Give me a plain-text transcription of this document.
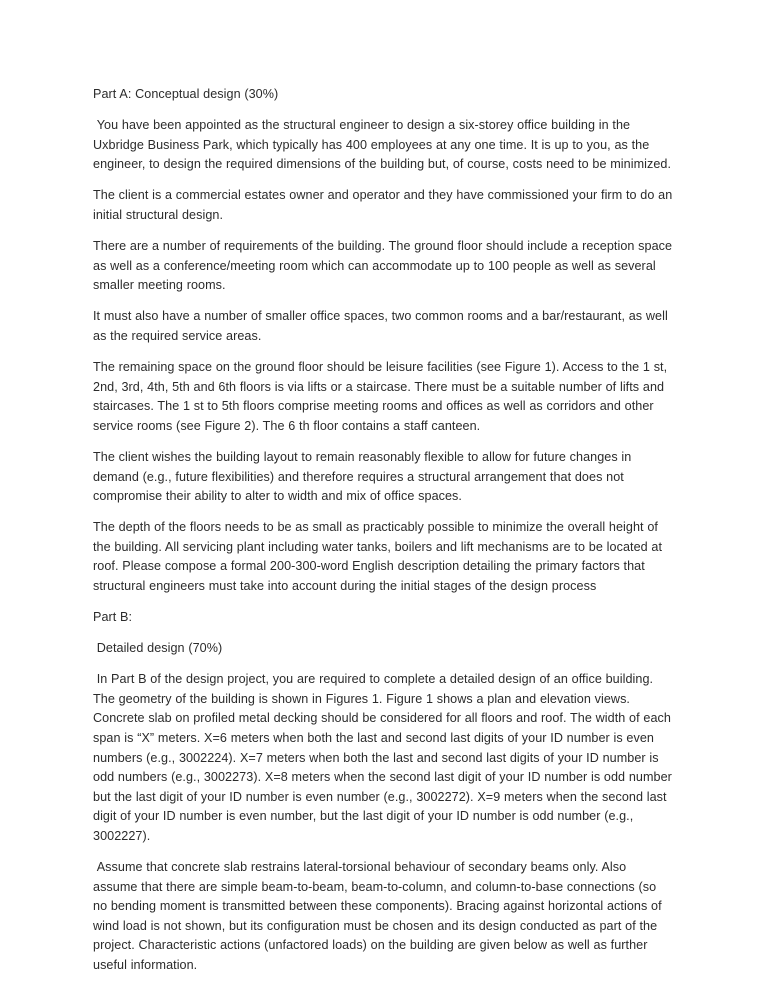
Part A: Conceptual design (30%)

You have been appointed as the structural engineer to design a six-storey office building in the Uxbridge Business Park, which typically has 400 employees at any one time. It is up to you, as the engineer, to design the required dimensions of the building but, of course, costs need to be minimized.

The client is a commercial estates owner and operator and they have commissioned your firm to do an initial structural design.

There are a number of requirements of the building. The ground floor should include a reception space as well as a conference/meeting room which can accommodate up to 100 people as well as several smaller meeting rooms.

It must also have a number of smaller office spaces, two common rooms and a bar/restaurant, as well as the required service areas.

The remaining space on the ground floor should be leisure facilities (see Figure 1). Access to the 1 st, 2nd, 3rd, 4th, 5th and 6th floors is via lifts or a staircase. There must be a suitable number of lifts and staircases. The 1 st to 5th floors comprise meeting rooms and offices as well as corridors and other service rooms (see Figure 2). The 6 th floor contains a staff canteen.

The client wishes the building layout to remain reasonably flexible to allow for future changes in demand (e.g., future flexibilities) and therefore requires a structural arrangement that does not compromise their ability to alter to width and mix of office spaces.

The depth of the floors needs to be as small as practicably possible to minimize the overall height of the building. All servicing plant including water tanks, boilers and lift mechanisms are to be located at roof. Please compose a formal 200-300-word English description detailing the primary factors that structural engineers must take into account during the initial stages of the design process

Part B:

Detailed design (70%)

In Part B of the design project, you are required to complete a detailed design of an office building. The geometry of the building is shown in Figures 1. Figure 1 shows a plan and elevation views. Concrete slab on profiled metal decking should be considered for all floors and roof. The width of each span is “X” meters. X=6 meters when both the last and second last digits of your ID number is even numbers (e.g., 3002224). X=7 meters when both the last and second last digits of your ID number is odd numbers (e.g., 3002273). X=8 meters when the second last digit of your ID number is odd number but the last digit of your ID number is even number (e.g., 3002272). X=9 meters when the second last digit of your ID number is even number, but the last digit of your ID number is odd number (e.g., 3002227).

Assume that concrete slab restrains lateral-torsional behaviour of secondary beams only. Also assume that there are simple beam-to-beam, beam-to-column, and column-to-base connections (so no bending moment is transmitted between these components). Bracing against horizontal actions of wind load is not shown, but its configuration must be chosen and its design conducted as part of the project. Characteristic actions (unfactored loads) on the building are given below as well as further useful information.
